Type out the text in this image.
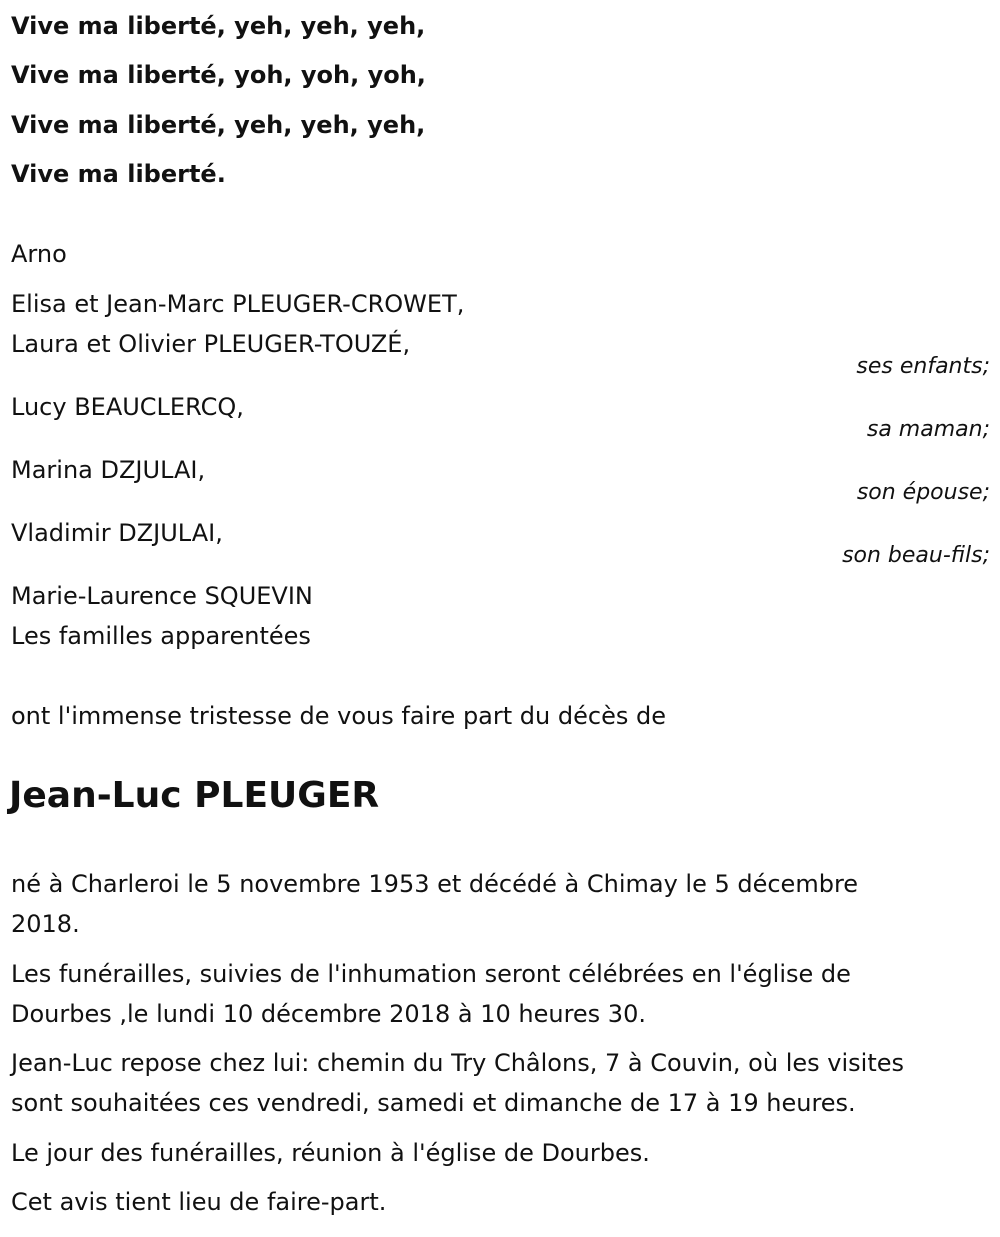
Vive ma liberté, yeh, yeh, yeh,

Vive ma liberté, yoh, yoh, yoh,

Vive ma liberté, yeh, yeh, yeh,

Vive ma liberté.

Arno

Elisa et Jean-Marc PLEUGER-CROWET,

Laura et Olivier PLEUGER-TOUZÉ,

ses enfants;

Lucy BEAUCLERCQ,

sa maman;

Marina DZJULAI,

son épouse;

Vladimir DZJULAI,

son beau-fils;

Marie-Laurence SQUEVIN

Les familles apparentées

ont l'immense tristesse de vous faire part du décès de

Jean-Luc PLEUGER

né à Charleroi le 5 novembre 1953 et décédé à Chimay le 5 décembre

2018.

Les funérailles, suivies de l'inhumation seront célébrées en l'église de

Dourbes ,le lundi 10 décembre 2018 à 10 heures 30.

Jean-Luc repose chez lui: chemin du Try Châlons, 7 à Couvin, où les visites

sont souhaitées ces vendredi, samedi et dimanche de 17 à 19 heures.

Le jour des funérailles, réunion à l'église de Dourbes.

Cet avis tient lieu de faire-part.
